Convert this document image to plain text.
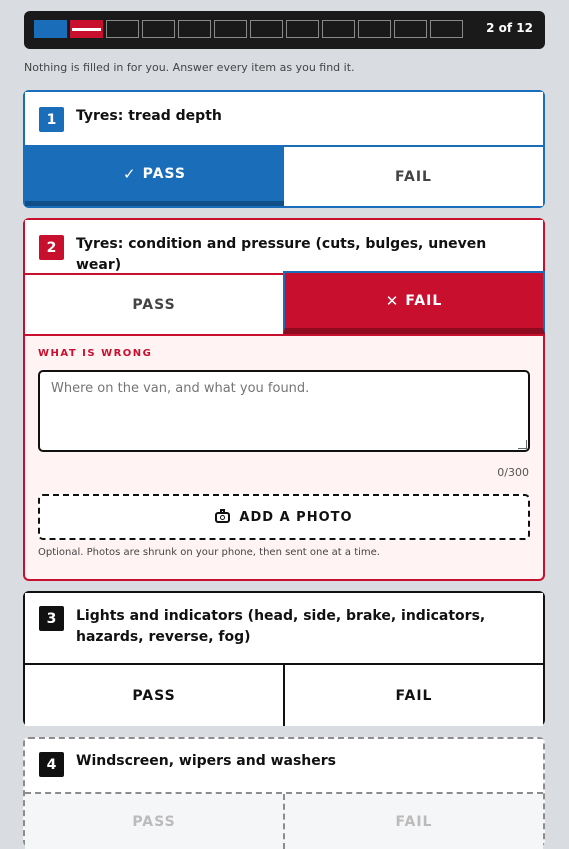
2 of 12
Nothing is filled in for you. Answer every item as you find it.
1	Tyres: tread depth
✓ PASS	FAIL
2	Tyres: condition and pressure (cuts, bulges, uneven wear)
PASS	✕ FAIL
WHAT IS WRONG
Where on the van, and what you found.
0/300
ADD A PHOTO
Optional. Photos are shrunk on your phone, then sent one at a time.
3	Lights and indicators (head, side, brake, indicators, hazards, reverse, fog)
PASS	FAIL
4	Windscreen, wipers and washers
PASS	FAIL
